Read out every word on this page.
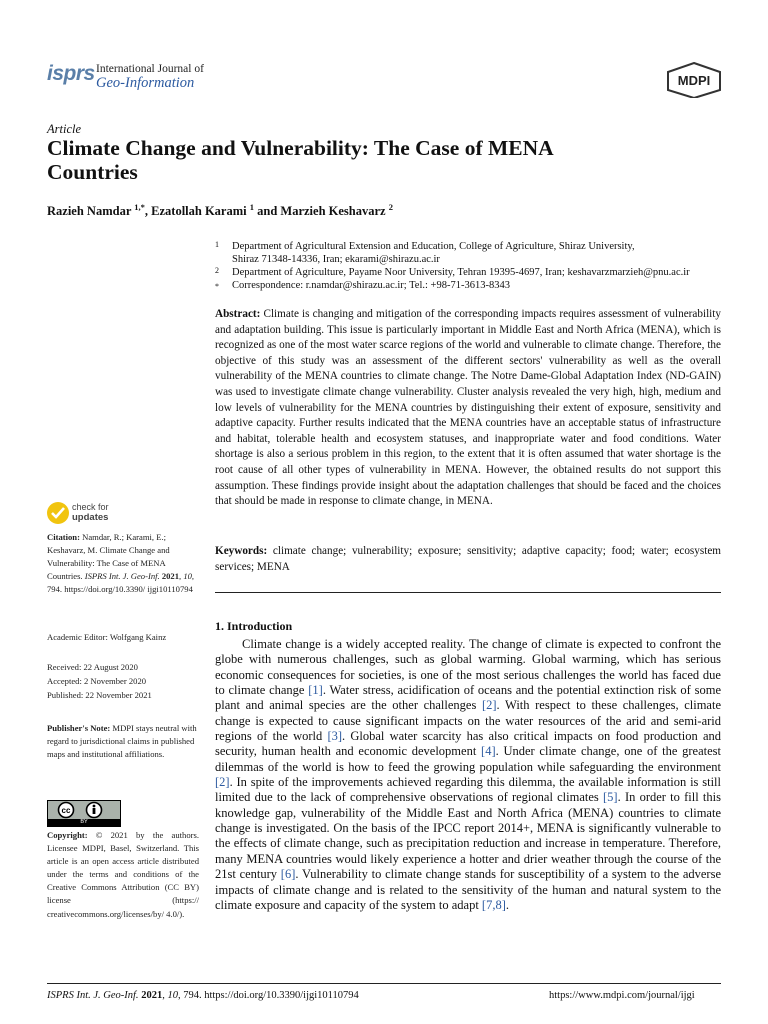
isprs International Journal of
Geo-Information	MDPI
Article
Climate Change and Vulnerability: The Case of MENA Countries
Razieh Namdar $^{1,*}$, Ezatollah Karami $^1$ and Marzieh Keshavarz $^2$
1 Department of Agricultural Extension and Education, College of Agriculture, Shiraz University,
Shiraz 71348-14336, Iran; ekarami@shirazu.ac.ir
2 Department of Agriculture, Payame Noor University, Tehran 19395-4697, Iran; keshavarzmarzieh@pnu.ac.ir
* Correspondence: r.namdar@shirazu.ac.ir; Tel.: +98-71-3613-8343
Abstract: Climate is changing and mitigation of the corresponding impacts requires assessment of vulnerability and adaptation building. This issue is particularly important in Middle East and North Africa (MENA), which is recognized as one of the most water scarce regions of the world and vulnerable to climate change. Therefore, the objective of this study was an assessment of the different sectors' vulnerability as well as the overall vulnerability of the MENA countries to climate change. The Notre Dame-Global Adaptation Index (ND-GAIN) was used to investigate climate change vulnerability. Cluster analysis revealed the very high, high, medium and low levels of vulnerability for the MENA countries by distinguishing their extent of exposure, sensitivity and adaptive capacity. Further results indicated that the MENA countries have an acceptable status of infrastructure and habitat, tolerable health and ecosystem statuses, and inappropriate water and food conditions. Water shortage is also a serious problem in this region, to the extent that it is often assumed that water shortage is the root cause of all other types of vulnerability in MENA. However, the obtained results do not support this assumption. These findings provide insight about the adaptation challenges that should be faced and the choices that should be made in response to climate change, in MENA.
Keywords: climate change; vulnerability; exposure; sensitivity; adaptive capacity; food; water; ecosystem services; MENA
1. Introduction
Climate change is a widely accepted reality. The change of climate is expected to confront the globe with numerous challenges, such as global warming. Global warming, which has serious economic consequences for societies, is one of the most serious challenges the world has faced due to climate change [1]. Water stress, acidification of oceans and the potential extinction risk of some plant and animal species are the other challenges [2]. With respect to these challenges, climate change is expected to cause significant impacts on the water resources of the arid and semi-arid regions of the world [3]. Global water scarcity has also critical impacts on food production and security, human health and economic development [4]. Under climate change, one of the greatest dilemmas of the world is how to feed the growing population while safeguarding the environment [2]. In spite of the improvements achieved regarding this dilemma, the available information is still limited due to the lack of comprehensive observations of regional climates [5]. In order to fill this knowledge gap, vulnerability of the Middle East and North Africa (MENA) countries to climate change is investigated. On the basis of the IPCC report 2014+, MENA is significantly vulnerable to the effects of climate change, such as precipitation reduction and increase in temperature. Therefore, many MENA countries would likely experience a hotter and drier weather through the course of the 21st century [6]. Vulnerability to climate change stands for susceptibility of a system to the adverse impacts of climate change and is related to the sensitivity of the human and natural system to the climate exposure and capacity of the system to adapt [7,8].
check for
updates
Citation: Namdar, R.; Karami, E.; Keshavarz, M. Climate Change and Vulnerability: The Case of MENA Countries. ISPRS Int. J. Geo-Inf. 2021, 10, 794. https://doi.org/10.3390/ ijgi10110794
Academic Editor: Wolfgang Kainz
Received: 22 August 2020
Accepted: 2 November 2020
Published: 22 November 2021
Publisher's Note: MDPI stays neutral with regard to jurisdictional claims in published maps and institutional affiliations.
cc
BY
Copyright: © 2021 by the authors. Licensee MDPI, Basel, Switzerland. This article is an open access article distributed under the terms and conditions of the Creative Commons Attribution (CC BY) license (https:// creativecommons.org/licenses/by/ 4.0/).
ISPRS Int. J. Geo-Inf. 2021, 10, 794. https://doi.org/10.3390/ijgi10110794	https://www.mdpi.com/journal/ijgi
